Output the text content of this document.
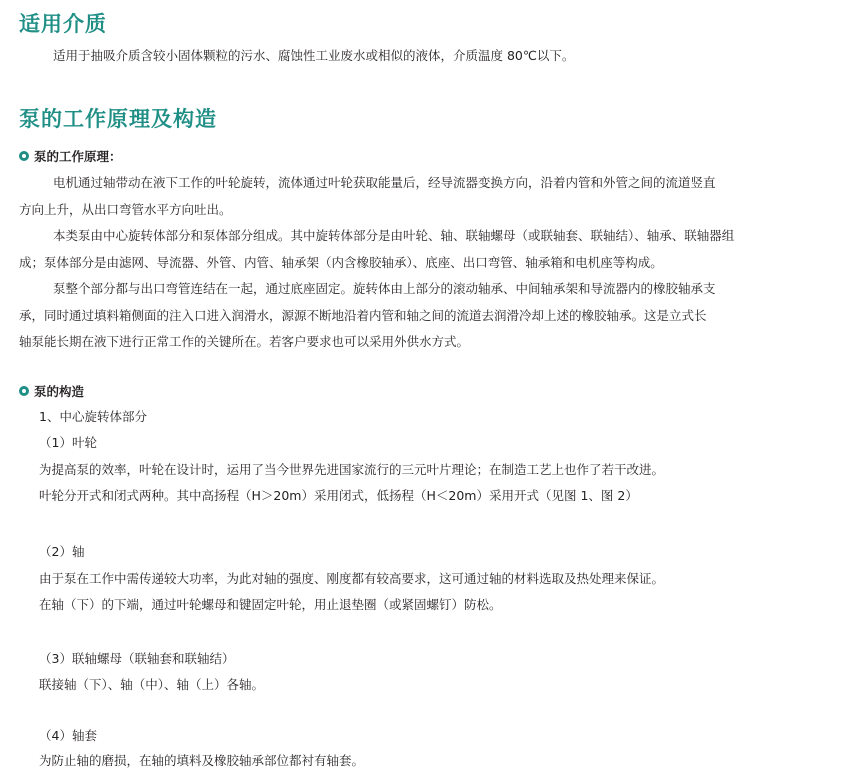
适用介质
适用于抽吸介质含较小固体颗粒的污水、腐蚀性工业废水或相似的液体，介质温度 80℃以下。
泵的工作原理及构造
泵的工作原理：
电机通过轴带动在液下工作的叶轮旋转，流体通过叶轮获取能量后，经导流器变换方向，沿着内管和外管之间的流道竖直
方向上升，从出口弯管水平方向吐出。
本类泵由中心旋转体部分和泵体部分组成。其中旋转体部分是由叶轮、轴、联轴螺母（或联轴套、联轴结）、轴承、联轴器组
成；泵体部分是由滤网、导流器、外管、内管、轴承架（内含橡胶轴承）、底座、出口弯管、轴承箱和电机座等构成。
泵整个部分都与出口弯管连结在一起，通过底座固定。旋转体由上部分的滚动轴承、中间轴承架和导流器内的橡胶轴承支
承，同时通过填料箱侧面的注入口进入润滑水，源源不断地沿着内管和轴之间的流道去润滑冷却上述的橡胶轴承。这是立式长
轴泵能长期在液下进行正常工作的关键所在。若客户要求也可以采用外供水方式。
泵的构造
1、中心旋转体部分
（1）叶轮
为提高泵的效率，叶轮在设计时，运用了当今世界先进国家流行的三元叶片理论；在制造工艺上也作了若干改进。
叶轮分开式和闭式两种。其中高扬程（H＞20m）采用闭式，低扬程（H＜20m）采用开式（见图 1、图 2）
（2）轴
由于泵在工作中需传递较大功率，为此对轴的强度、刚度都有较高要求，这可通过轴的材料选取及热处理来保证。
在轴（下）的下端，通过叶轮螺母和键固定叶轮，用止退垫圈（或紧固螺钉）防松。
（3）联轴螺母（联轴套和联轴结）
联接轴（下）、轴（中）、轴（上）各轴。
（4）轴套
为防止轴的磨损，在轴的填料及橡胶轴承部位都衬有轴套。
